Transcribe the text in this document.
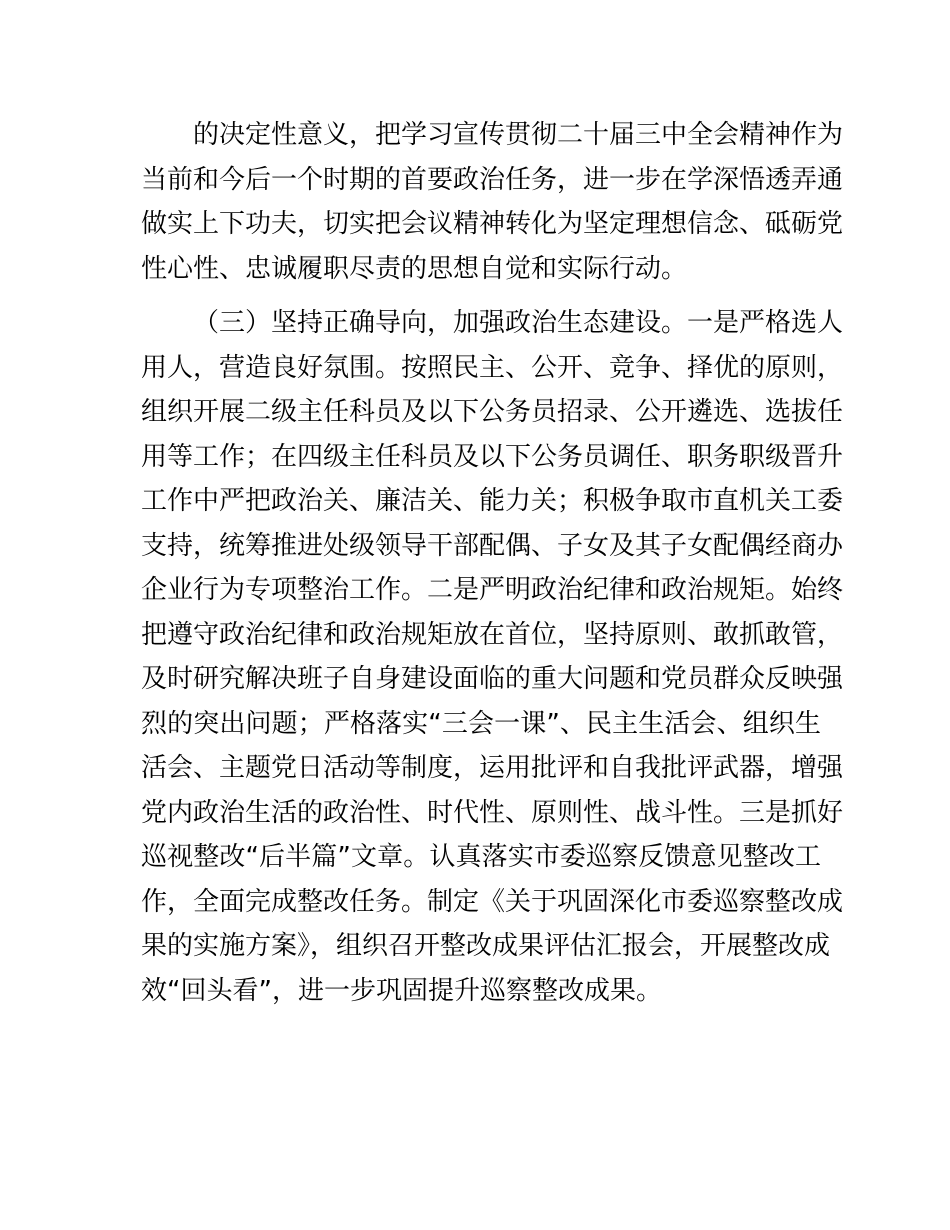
的决定性意义，把学习宣传贯彻二十届三中全会精神作为
当前和今后一个时期的首要政治任务，进一步在学深悟透弄通
做实上下功夫，切实把会议精神转化为坚定理想信念、砥砺党
性心性、忠诚履职尽责的思想自觉和实际行动。
（三）坚持正确导向，加强政治生态建设。一是严格选人
用人，营造良好氛围。按照民主、公开、竞争、择优的原则，
组织开展二级主任科员及以下公务员招录、公开遴选、选拔任
用等工作；在四级主任科员及以下公务员调任、职务职级晋升
工作中严把政治关、廉洁关、能力关；积极争取市直机关工委
支持，统筹推进处级领导干部配偶、子女及其子女配偶经商办
企业行为专项整治工作。二是严明政治纪律和政治规矩。始终
把遵守政治纪律和政治规矩放在首位，坚持原则、敢抓敢管，
及时研究解决班子自身建设面临的重大问题和党员群众反映强
烈的突出问题；严格落实“三会一课”、民主生活会、组织生
活会、主题党日活动等制度，运用批评和自我批评武器，增强
党内政治生活的政治性、时代性、原则性、战斗性。三是抓好
巡视整改“后半篇”文章。认真落实市委巡察反馈意见整改工
作，全面完成整改任务。制定《关于巩固深化市委巡察整改成
果的实施方案》，组织召开整改成果评估汇报会，开展整改成
效“回头看”，进一步巩固提升巡察整改成果。
